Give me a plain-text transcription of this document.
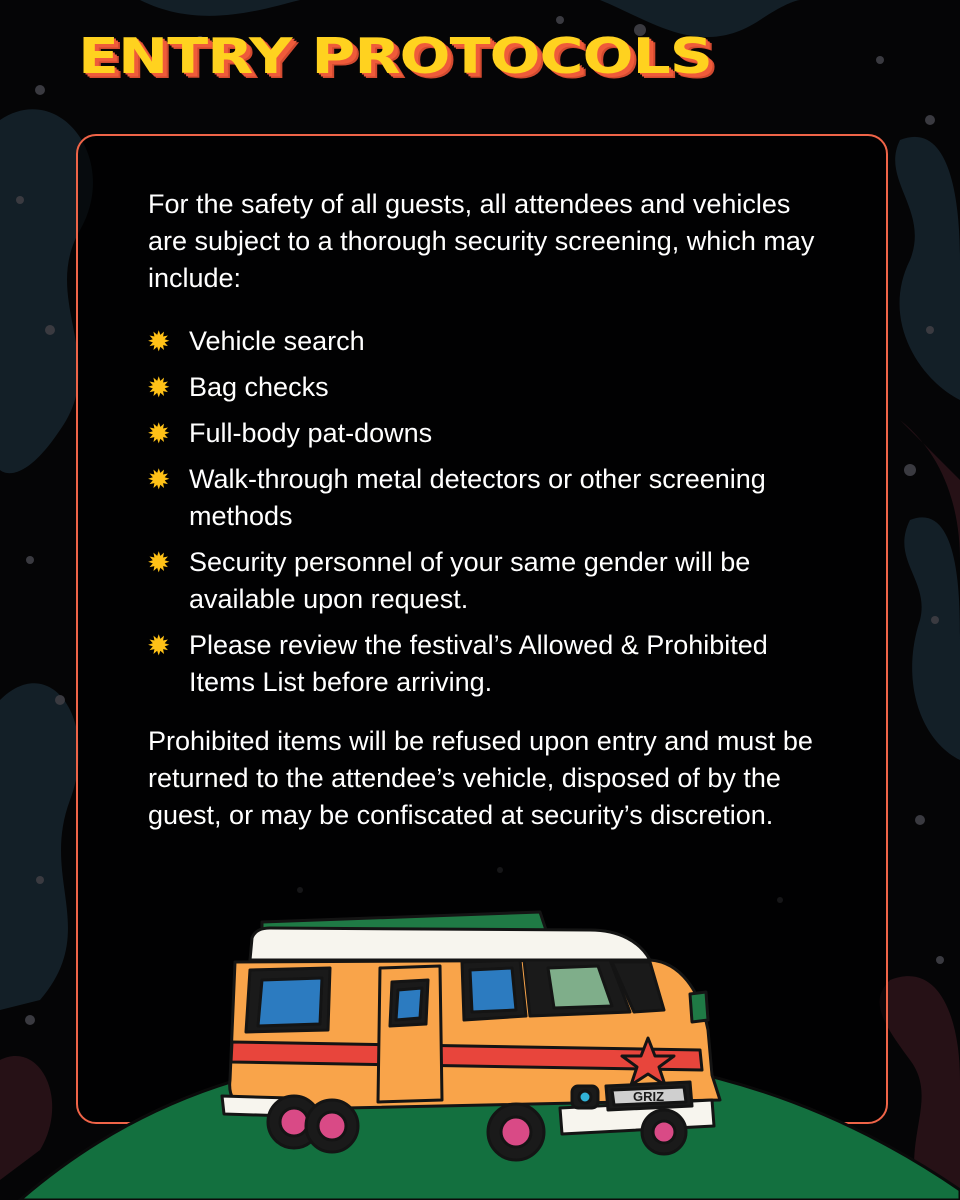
ENTRY PROTOCOLS

For the safety of all guests, all attendees and vehicles are subject to a thorough security screening, which may include:

✹ Vehicle search
✹ Bag checks
✹ Full-body pat-downs
✹ Walk-through metal detectors or other screening methods
✹ Security personnel of your same gender will be available upon request.
✹ Please review the festival’s Allowed & Prohibited Items List before arriving.

Prohibited items will be refused upon entry and must be returned to the attendee’s vehicle, disposed of by the guest, or may be confiscated at security’s discretion.

GRIZ
